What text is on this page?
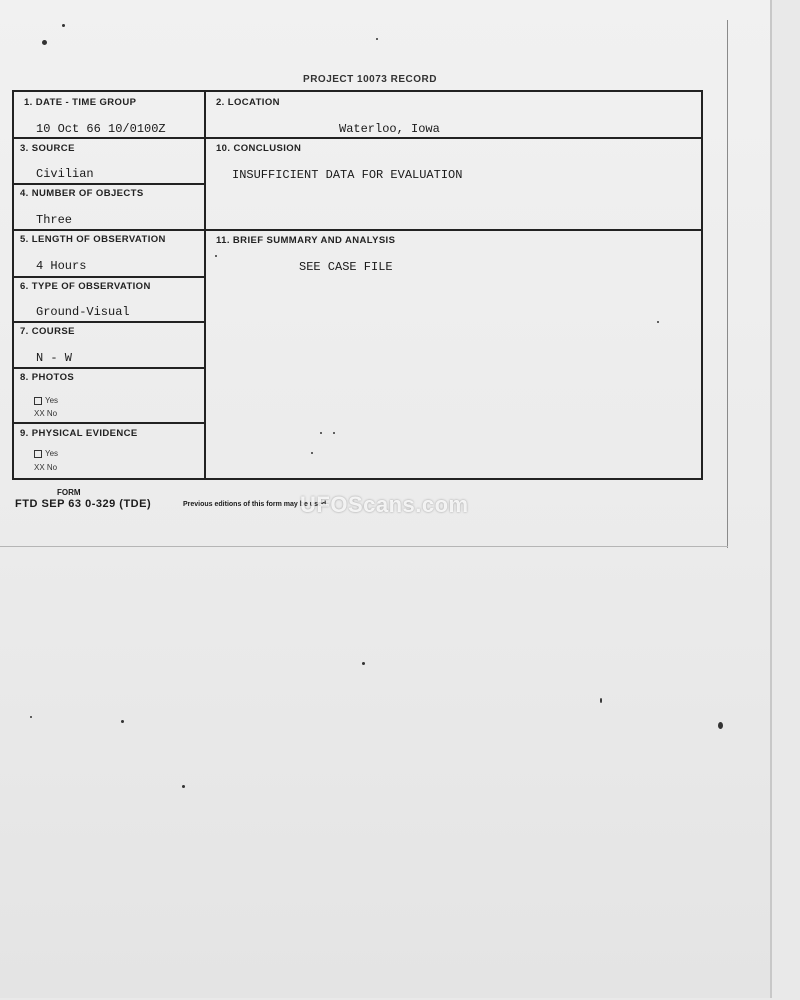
PROJECT 10073 RECORD
1. DATE - TIME GROUP
10 Oct 66 10/0100Z
2. LOCATION
Waterloo, Iowa
3. SOURCE
Civilian
10. CONCLUSION
INSUFFICIENT DATA FOR EVALUATION
4. NUMBER OF OBJECTS
Three
5. LENGTH OF OBSERVATION
4 Hours
11. BRIEF SUMMARY AND ANALYSIS
SEE CASE FILE
6. TYPE OF OBSERVATION
Ground-Visual
7. COURSE
N - W
8. PHOTOS
Yes
XX No
9. PHYSICAL EVIDENCE
Yes
XX No
FORM
FTD SEP 63 0-329 (TDE)	Previous editions of this form may be used.
UFOScans.com
